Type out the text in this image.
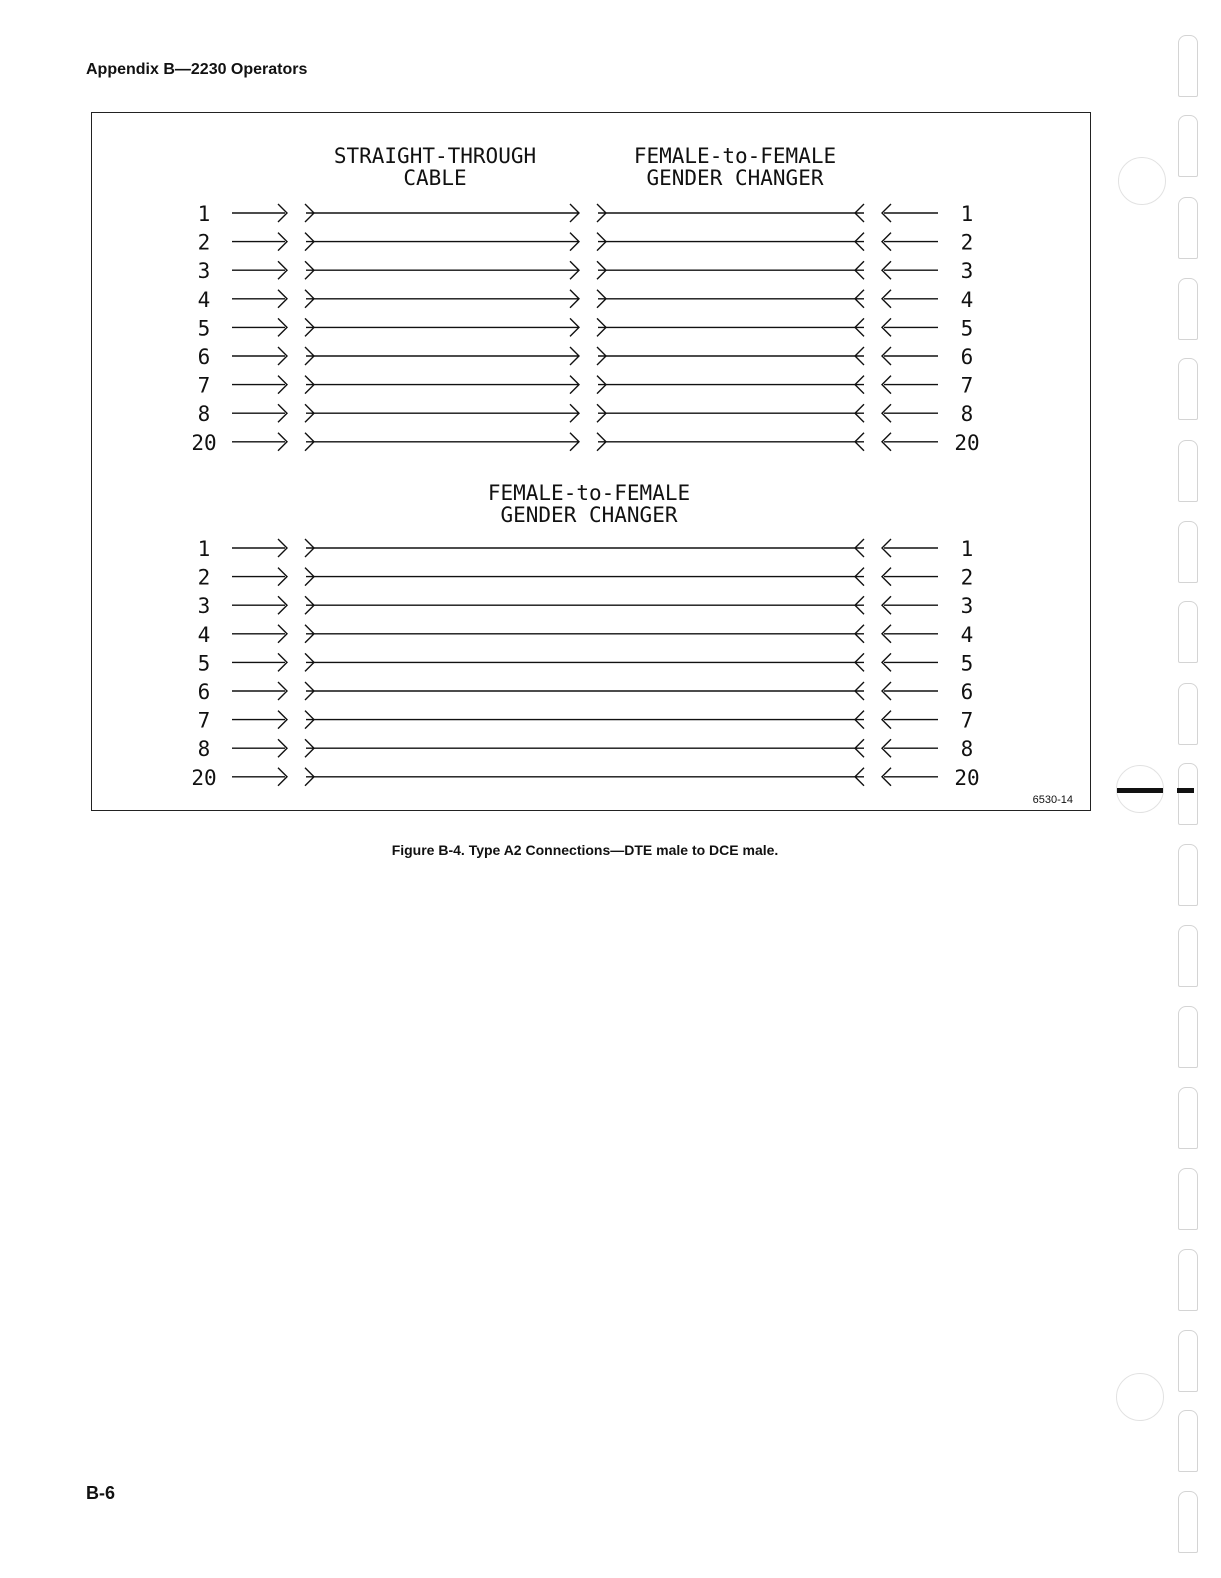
Appendix B—2230 Operators
STRAIGHT-THROUGH
CABLE
FEMALE-to-FEMALE
GENDER CHANGER
FEMALE-to-FEMALE
GENDER CHANGER
1	1
2	2
3	3
4	4
5	5
6	6
7	7
8	8
20	20
1	1
2	2
3	3
4	4
5	5
6	6
7	7
8	8
20	20
6530-14
Figure B-4. Type A2 Connections—DTE male to DCE male.
B-6
